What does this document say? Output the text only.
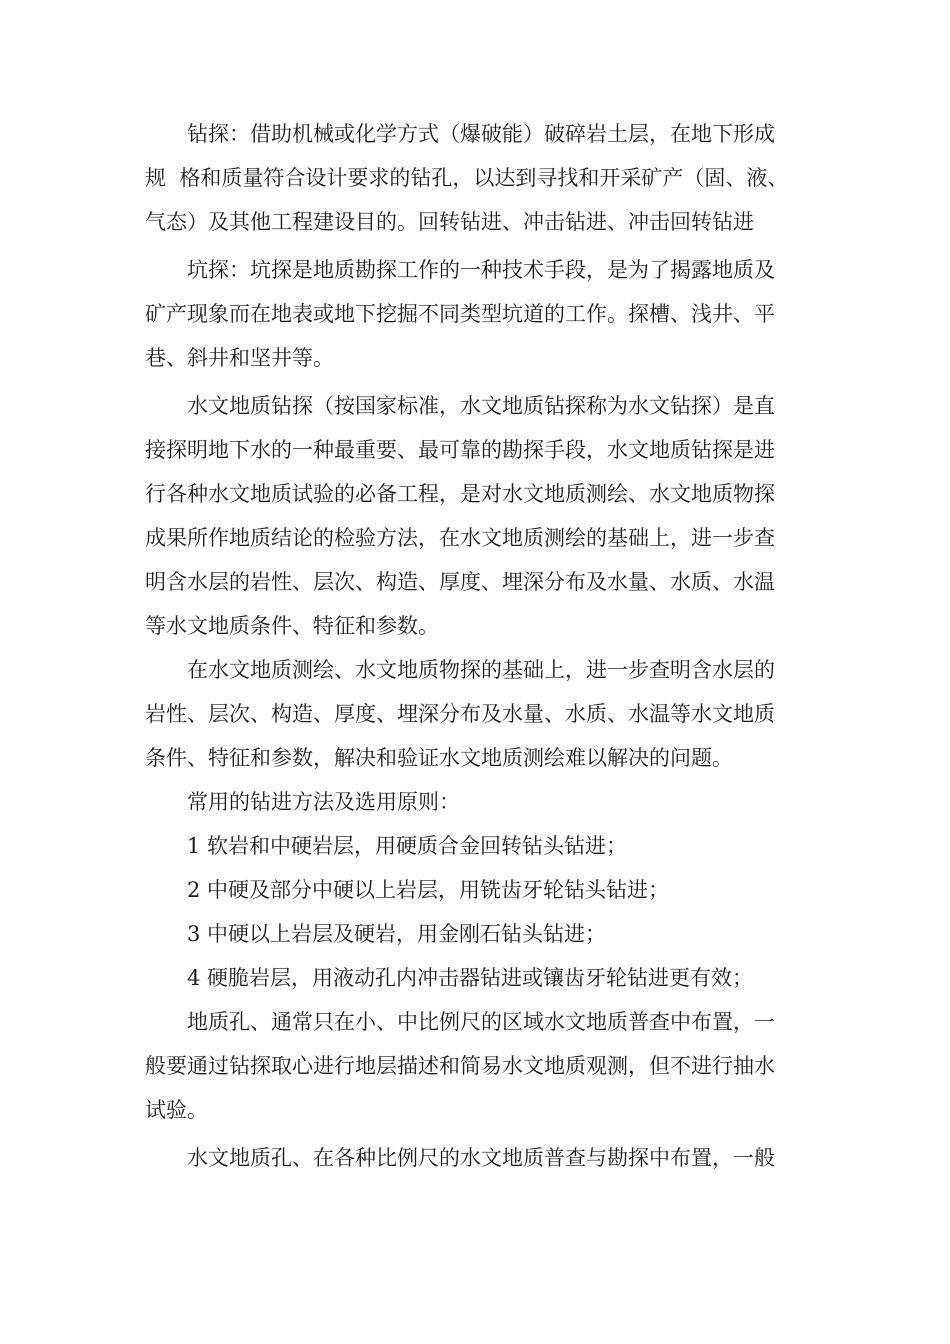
钻探：借助机械或化学方式（爆破能）破碎岩土层，在地下形成
规  格和质量符合设计要求的钻孔，以达到寻找和开采矿产（固、液、
气态）及其他工程建设目的。回转钻进、冲击钻进、冲击回转钻进
坑探：坑探是地质勘探工作的一种技术手段，是为了揭露地质及
矿产现象而在地表或地下挖掘不同类型坑道的工作。探槽、浅井、平
巷、斜井和坚井等。
水文地质钻探（按国家标准，水文地质钻探称为水文钻探）是直
接探明地下水的一种最重要、最可靠的勘探手段，水文地质钻探是进
行各种水文地质试验的必备工程，是对水文地质测绘、水文地质物探
成果所作地质结论的检验方法，在水文地质测绘的基础上，进一步查
明含水层的岩性、层次、构造、厚度、埋深分布及水量、水质、水温
等水文地质条件、特征和参数。
在水文地质测绘、水文地质物探的基础上，进一步查明含水层的
岩性、层次、构造、厚度、埋深分布及水量、水质、水温等水文地质
条件、特征和参数，解决和验证水文地质测绘难以解决的问题。
常用的钻进方法及选用原则：
1 软岩和中硬岩层，用硬质合金回转钻头钻进；
2 中硬及部分中硬以上岩层，用铣齿牙轮钻头钻进；
3 中硬以上岩层及硬岩，用金刚石钻头钻进；
4 硬脆岩层，用液动孔内冲击器钻进或镶齿牙轮钻进更有效；
地质孔、通常只在小、中比例尺的区域水文地质普查中布置，一
般要通过钻探取心进行地层描述和简易水文地质观测，但不进行抽水
试验。
水文地质孔、在各种比例尺的水文地质普查与勘探中布置，一般
